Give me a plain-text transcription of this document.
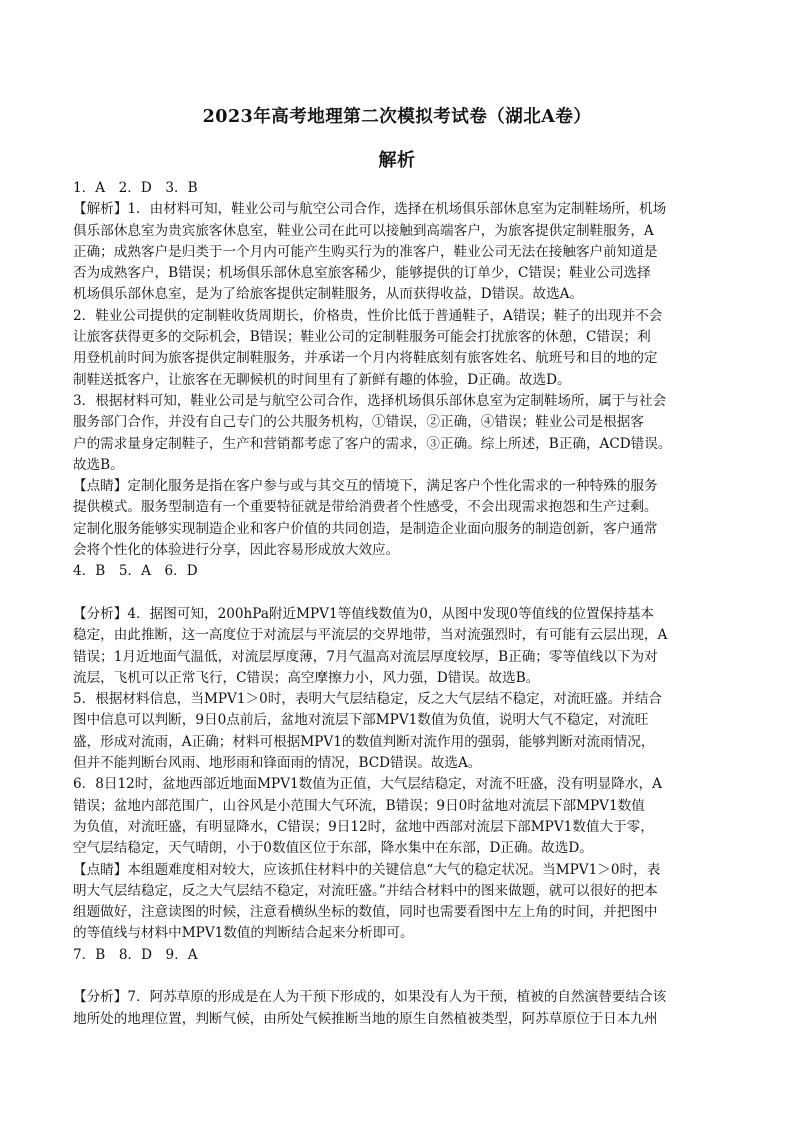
2023年高考地理第二次模拟考试卷（湖北A卷）
解析
1．A　2．D　3．B
【解析】1．由材料可知，鞋业公司与航空公司合作，选择在机场俱乐部休息室为定制鞋场所，机场
俱乐部休息室为贵宾旅客休息室，鞋业公司在此可以接触到高端客户，为旅客提供定制鞋服务，A
正确；成熟客户是归类于一个月内可能产生购买行为的准客户，鞋业公司无法在接触客户前知道是
否为成熟客户，B错误；机场俱乐部休息室旅客稀少，能够提供的订单少，C错误；鞋业公司选择
机场俱乐部休息室，是为了给旅客提供定制鞋服务，从而获得收益，D错误。故选A。
2．鞋业公司提供的定制鞋收货周期长，价格贵，性价比低于普通鞋子，A错误；鞋子的出现并不会
让旅客获得更多的交际机会，B错误；鞋业公司的定制鞋服务可能会打扰旅客的休憩，C错误；利
用登机前时间为旅客提供定制鞋服务，并承诺一个月内将鞋底刻有旅客姓名、航班号和目的地的定
制鞋送抵客户，让旅客在无聊候机的时间里有了新鲜有趣的体验，D正确。故选D。
3．根据材料可知，鞋业公司是与航空公司合作，选择机场俱乐部休息室为定制鞋场所，属于与社会
服务部门合作，并没有自己专门的公共服务机构，①错误，②正确，④错误；鞋业公司是根据客
户的需求量身定制鞋子，生产和营销都考虑了客户的需求，③正确。综上所述，B正确，ACD错误。
故选B。
【点睛】定制化服务是指在客户参与或与其交互的情境下，满足客户个性化需求的一种特殊的服务
提供模式。服务型制造有一个重要特征就是带给消费者个性感受，不会出现需求抱怨和生产过剩。
定制化服务能够实现制造企业和客户价值的共同创造，是制造企业面向服务的制造创新，客户通常
会将个性化的体验进行分享，因此容易形成放大效应。
4．B　5．A　6．D
【分析】4．据图可知，200hPa附近MPV1等值线数值为0，从图中发现0等值线的位置保持基本
稳定，由此推断，这一高度位于对流层与平流层的交界地带，当对流强烈时，有可能有云层出现，A
错误；1月近地面气温低，对流层厚度薄，7月气温高对流层厚度较厚，B正确；零等值线以下为对
流层，飞机可以正常飞行，C错误；高空摩擦力小，风力强，D错误。故选B。
5．根据材料信息，当MPV1＞0时，表明大气层结稳定，反之大气层结不稳定，对流旺盛。并结合
图中信息可以判断，9日0点前后，盆地对流层下部MPV1数值为负值，说明大气不稳定，对流旺
盛，形成对流雨，A正确；材料可根据MPV1的数值判断对流作用的强弱，能够判断对流雨情况，
但并不能判断台风雨、地形雨和锋面雨的情况，BCD错误。故选A。
6．8日12时，盆地西部近地面MPV1数值为正值，大气层结稳定，对流不旺盛，没有明显降水，A
错误；盆地内部范围广，山谷风是小范围大气环流，B错误；9日0时盆地对流层下部MPV1数值
为负值，对流旺盛，有明显降水，C错误；9日12时，盆地中西部对流层下部MPV1数值大于零，
空气层结稳定，天气晴朗，小于0数值区位于东部，降水集中在东部，D正确。故选D。
【点睛】本组题难度相对较大，应该抓住材料中的关键信息“大气的稳定状况。当MPV1＞0时，表
明大气层结稳定，反之大气层结不稳定，对流旺盛。”并结合材料中的图来做题，就可以很好的把本
组题做好，注意读图的时候，注意看横纵坐标的数值，同时也需要看图中左上角的时间，并把图中
的等值线与材料中MPV1数值的判断结合起来分析即可。
7．B　8．D　9．A
【分析】7．阿苏草原的形成是在人为干预下形成的，如果没有人为干预，植被的自然演替要结合该
地所处的地理位置，判断气候，由所处气候推断当地的原生自然植被类型，阿苏草原位于日本九州
